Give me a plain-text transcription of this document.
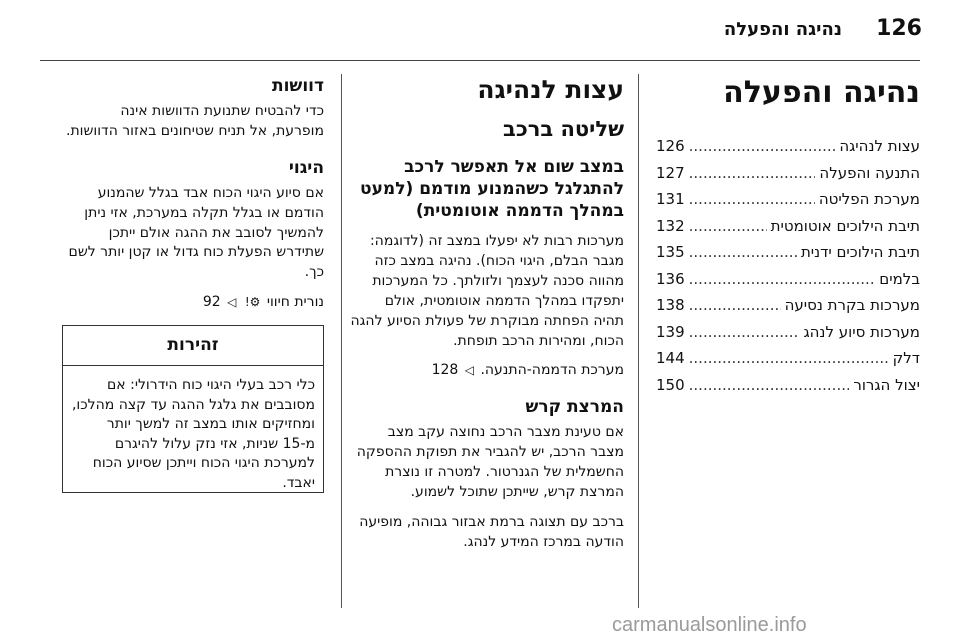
126
נהיגה והפעלה
נהיגה והפעלה
עצות לנהיגה
.....
126
התנעה והפעלה
.....
127
מערכת הפליטה
.....
131
תיבת הילוכים אוטומטית
.....
132
תיבת הילוכים ידנית
.....
135
בלמים
.....
136
מערכות בקרת נסיעה
.....
138
מערכות סיוע לנהג
.....
139
דלק
.....
144
יצול הגרור
.....
150
עצות לנהיגה
שליטה ברכב
במצב שום אל תאפשר לרכב להתגלגל כשהמנוע מודמם (למעט במהלך הדממה אוטומטית)

מערכות רבות לא יפעלו במצב זה (לדוגמה: מגבר הבלם, היגוי הכוח). נהיגה במצב כזה מהווה סכנה לעצמך ולזולתך. כל המערכות יתפקדו במהלך הדממה אוטומטית, אולם תהיה הפחתה מבוקרת של פעולת הסיוע להגה הכוח, ומהירות הרכב תופחת.

מערכת הדממה-התנעה. ◁ 128

המרצת קרש

אם טעינת מצבר הרכב נחוצה עקב מצב מצבר הרכב, יש להגביר את תפוקת ההספקה החשמלית של הגנרטור. למטרה זו נוצרת המרצת קרש, שייתכן שתוכל לשמוע.

ברכב עם תצוגה ברמת אבזור גבוהה, מופיעה הודעה במרכז המידע לנהג.

דוושות

כדי להבטיח שתנועת הדוושות אינה מופרעת, אל תניח שטיחונים באזור הדוושות.

היגוי

אם סיוע היגוי הכוח אבד בגלל שהמנוע הודמם או בגלל תקלה במערכת, אזי ניתן להמשיך לסובב את ההגה אולם ייתכן שתידרש הפעלת כוח גדול או קטן יותר לשם כך.

נורית חיווי ⚙! ◁ 92

זהירות
כלי רכב בעלי היגוי כוח הידרולי: אם מסובבים את גלגל ההגה עד קצה מהלכו, ומחזיקים אותו במצב זה למשך יותר מ-15 שניות, אזי נזק עלול להיגרם למערכת היגוי הכוח וייתכן שסיוע הכוח יאבד.
carmanualsonline.info
